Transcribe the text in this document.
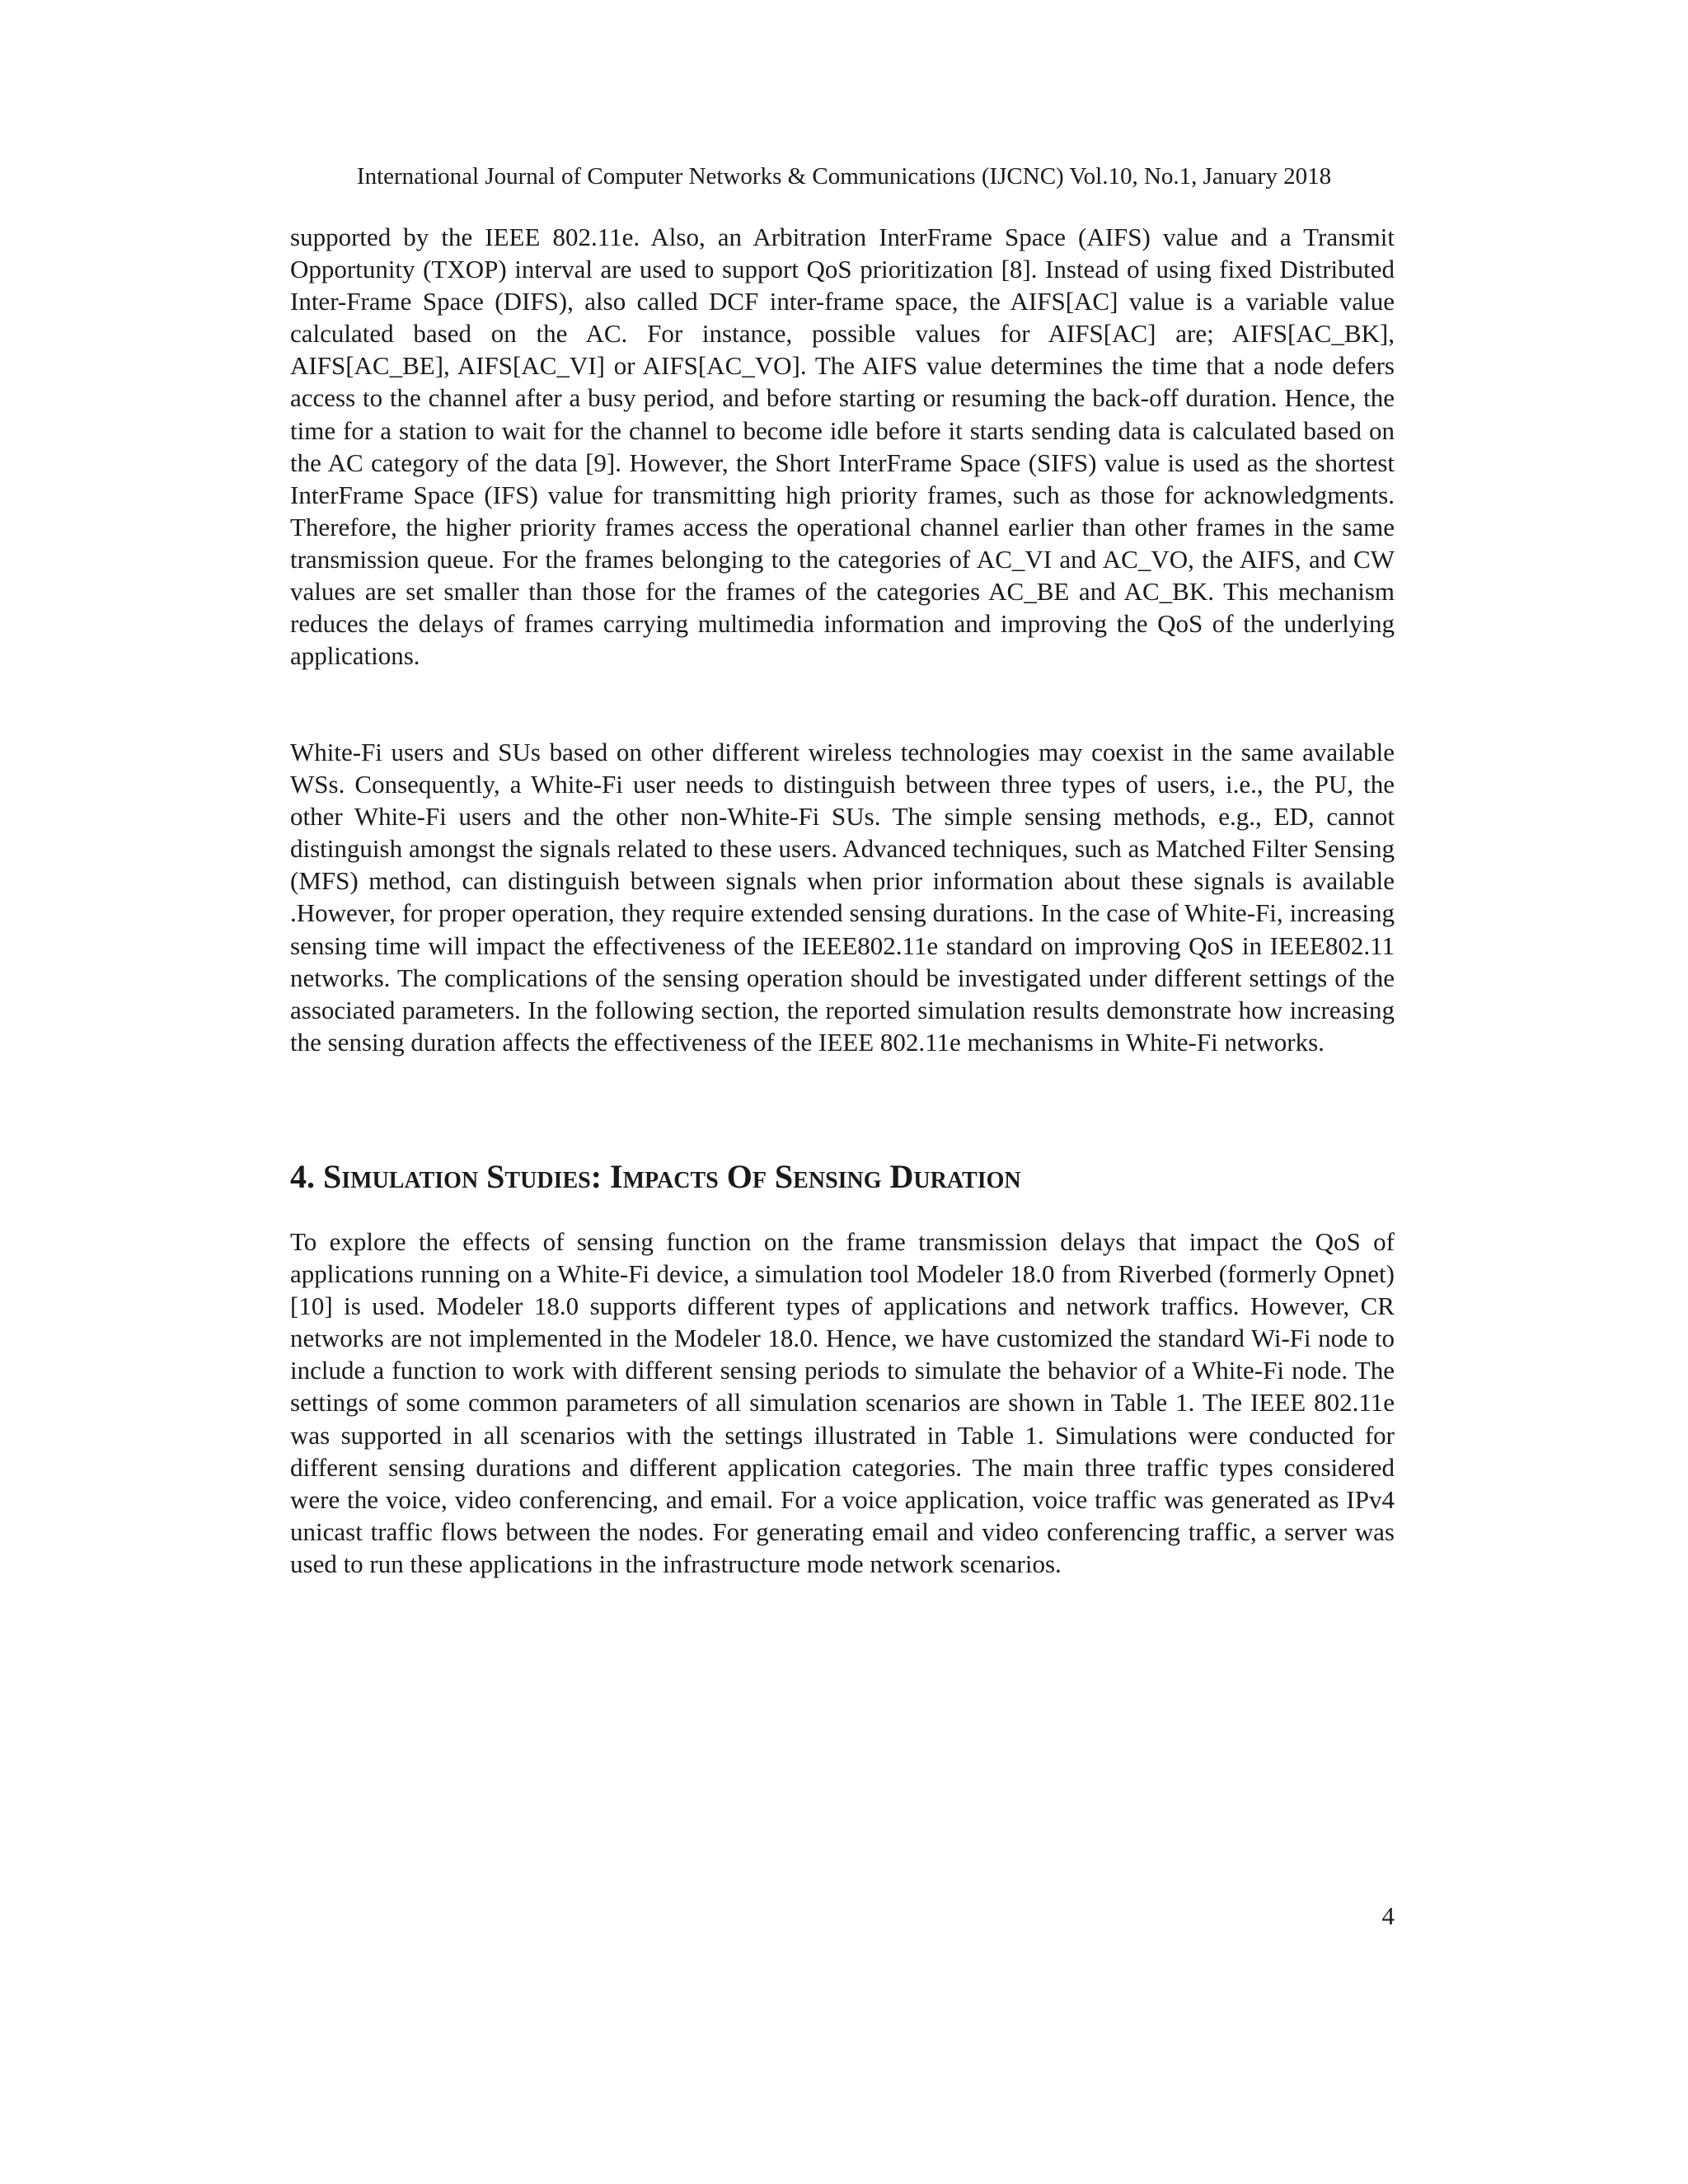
International Journal of Computer Networks & Communications (IJCNC) Vol.10, No.1, January 2018

supported by the IEEE 802.11e. Also, an Arbitration InterFrame Space (AIFS) value and a Transmit Opportunity (TXOP) interval are used to support QoS prioritization [8]. Instead of using fixed Distributed Inter-Frame Space (DIFS), also called DCF inter-frame space, the AIFS[AC] value is a variable value calculated based on the AC. For instance, possible values for AIFS[AC] are; AIFS[AC_BK], AIFS[AC_BE], AIFS[AC_VI] or AIFS[AC_VO]. The AIFS value determines the time that a node defers access to the channel after a busy period, and before starting or resuming the back-off duration. Hence, the time for a station to wait for the channel to become idle before it starts sending data is calculated based on the AC category of the data [9]. However, the Short InterFrame Space (SIFS) value is used as the shortest InterFrame Space (IFS) value for transmitting high priority frames, such as those for acknowledgments. Therefore, the higher priority frames access the operational channel earlier than other frames in the same transmission queue. For the frames belonging to the categories of AC_VI and AC_VO, the AIFS, and CW values are set smaller than those for the frames of the categories AC_BE and AC_BK. This mechanism reduces the delays of frames carrying multimedia information and improving the QoS of the underlying applications.

White-Fi users and SUs based on other different wireless technologies may coexist in the same available WSs. Consequently, a White-Fi user needs to distinguish between three types of users, i.e., the PU, the other White-Fi users and the other non-White-Fi SUs. The simple sensing methods, e.g., ED, cannot distinguish amongst the signals related to these users. Advanced techniques, such as Matched Filter Sensing (MFS) method, can distinguish between signals when prior information about these signals is available .However, for proper operation, they require extended sensing durations. In the case of White-Fi, increasing sensing time will impact the effectiveness of the IEEE802.11e standard on improving QoS in IEEE802.11 networks. The complications of the sensing operation should be investigated under different settings of the associated parameters. In the following section, the reported simulation results demonstrate how increasing the sensing duration affects the effectiveness of the IEEE 802.11e mechanisms in White-Fi networks.

4. Simulation Studies: Impacts Of Sensing Duration

To explore the effects of sensing function on the frame transmission delays that impact the QoS of applications running on a White-Fi device, a simulation tool Modeler 18.0 from Riverbed (formerly Opnet) [10] is used. Modeler 18.0 supports different types of applications and network traffics. However, CR networks are not implemented in the Modeler 18.0. Hence, we have customized the standard Wi-Fi node to include a function to work with different sensing periods to simulate the behavior of a White-Fi node. The settings of some common parameters of all simulation scenarios are shown in Table 1. The IEEE 802.11e was supported in all scenarios with the settings illustrated in Table 1. Simulations were conducted for different sensing durations and different application categories. The main three traffic types considered were the voice, video conferencing, and email. For a voice application, voice traffic was generated as IPv4 unicast traffic flows between the nodes. For generating email and video conferencing traffic, a server was used to run these applications in the infrastructure mode network scenarios.

4
